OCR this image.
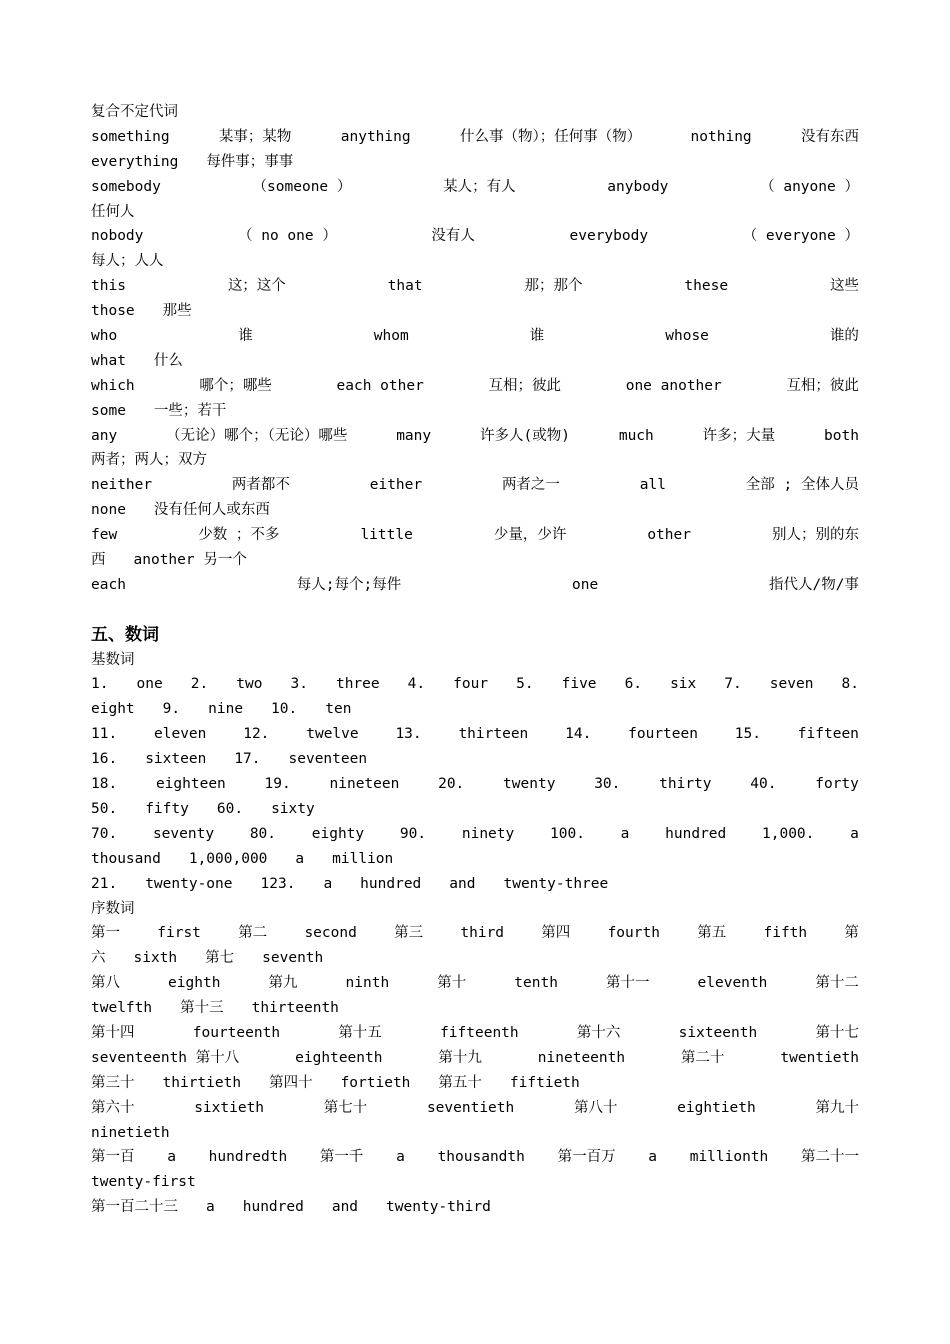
复合不定代词
something	某事；某物	anything	什么事（物）；任何事（物）	nothing	没有东西
everything 每件事；事事
somebody	（someone ）	某人；有人	anybody	（ anyone ）
任何人
nobody	（ no one ）	没有人	everybody	（ everyone ）
每人；人人
this	这；这个	that	那；那个	these	这些
those 那些
who	谁	whom	谁	whose	谁的
what 什么
which	哪个；哪些	each other	互相；彼此	one another	互相；彼此
some 一些；若干
any	（无论）哪个；（无论）哪些	many	许多人(或物)	much	许多；大量	both
两者；两人；双方
neither	两者都不	either	两者之一	all	全部 ; 全体人员
none 没有任何人或东西
few	少数 ；不多	little	少量，少许	other	别人；别的东
西 another 另一个
each	每人;每个;每件	one	指代人/物/事
五、数词
基数词
1. one 2. two 3. three 4. four 5. five 6. six 7. seven 8.
eight 9. nine 10. ten
11.	eleven	12.	twelve	13.	thirteen	14.	fourteen	15.	fifteen
16. sixteen 17. seventeen
18.	eighteen	19.	nineteen	20.	twenty	30.	thirty	40.	forty
50. fifty 60. sixty
70. seventy 80. eighty 90. ninety 100. a hundred 1,000. a
thousand 1,000,000 a million
21. twenty-one 123. a hundred and twenty-three
序数词
第一	first	第二	second	第三	third	第四	fourth	第五	fifth	第
六 sixth 第七 seventh
第八	eighth	第九	ninth	第十	tenth	第十一	eleventh	第十二
twelfth 第十三 thirteenth
第十四	fourteenth	第十五	fifteenth	第十六	sixteenth	第十七
seventeenth 第十八	eighteenth	第十九	nineteenth	第二十	twentieth
第三十 thirtieth 第四十 fortieth 第五十 fiftieth
第六十	sixtieth	第七十	seventieth	第八十	eightieth	第九十
ninetieth
第一百 a hundredth 第一千 a thousandth 第一百万 a millionth 第二十一
twenty-first
第一百二十三 a hundred and twenty-third
